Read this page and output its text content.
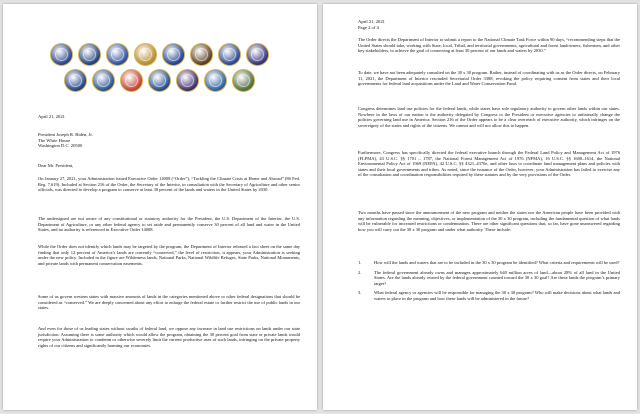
April 21, 2021

President Joseph R. Biden, Jr.
The White House
Washington D.C. 20500

Dear Mr. President,

On January 27, 2021, your Administration issued Executive Order 14008 (“Order”), “Tackling the Climate Crisis at Home and Abroad” (86 Fed. Reg. 7,619). Included at Section 216 of the Order, the Secretary of the Interior, in consultation with the Secretary of Agriculture and other senior officials, was directed to develop a program to conserve at least 30 percent of the lands and waters in the United States by 2030.

The undersigned are not aware of any constitutional or statutory authority for the President, the U.S. Department of the Interior, the U.S. Department of Agriculture, or any other federal agency to set aside and permanently conserve 30 percent of all land and water in the United States, and no authority is referenced in Executive Order 14008.

While the Order does not identify which lands may be targeted by the program, the Department of Interior released a fact sheet on the same day finding that only 12 percent of America’s lands are currently “conserved,” the level of restriction, it appears, your Administration is seeking under the new policy. Included in the figure are Wilderness lands, National Parks, National Wildlife Refuges, State Parks, National Monuments, and private lands with permanent conservation easements.

Some of us govern western states with massive amounts of lands in the categories mentioned above or other federal designations that should be considered as “conserved.” We are deeply concerned about any effort to enlarge the federal estate or further restrict the use of public lands in our states.

And even for those of us leading states without swaths of federal land, we oppose any increase in land use restrictions on lands under our state jurisdiction. Assuming there is some authority which would allow the program, obtaining the 30 percent goal from state or private lands would require your Administration to condemn or otherwise severely limit the current productive uses of such lands, infringing on the private property rights of our citizens and significantly harming our economies.

April 21, 2021
Page 2 of 4

The Order directs the Department of Interior to submit a report to the National Climate Task Force within 90 days, “recommending steps that the United States should take, working with State, local, Tribal, and territorial governments, agricultural and forest landowners, fishermen, and other key stakeholders, to achieve the goal of conserving at least 30 percent of our lands and waters by 2030.”

To date, we have not been adequately consulted on the 30 x 30 program. Rather, instead of coordinating with us as the Order directs, on February 11, 2021, the Department of Interior rescinded Secretarial Order 3388, revoking the policy requiring consent from states and their local governments for federal land acquisitions under the Land and Water Conservation Fund.

Congress determines land use policies for the federal lands, while states have sole regulatory authority to govern other lands within our states. Nowhere in the laws of our nation is the authority delegated by Congress to the President or executive agencies to unilaterally change the policies governing land use in America. Section 216 of the Order appears to be a clear overreach of executive authority, which infringes on the sovereignty of the states and rights of the citizens. We cannot and will not allow this to happen.

Furthermore, Congress has specifically directed the federal executive branch through the Federal Land Policy and Management Act of 1976 (FLPMA), 43 U.S.C. §§ 1701 – 1787, the National Forest Management Act of 1976 (NFMA), 16 U.S.C. §§ 1600–1614, the National Environmental Policy Act of 1969 (NEPA), 42 U.S.C. §§ 4321–4370e, and other laws to coordinate land management plans and policies with states and their local governments and tribes. As noted, since the issuance of the Order, however, your Administration has failed to exercise any of the consultation and coordination responsibilities required by these statutes and by the very provisions of the Order.

Two months have passed since the announcement of the new program and neither the states nor the American people have been provided with any information regarding the meaning, objectives, or implementation of the 30 x 30 program, including the fundamental question of what lands will be vulnerable for increased restrictions or condemnation. There are other significant questions that, so far, have gone unanswered regarding how you will carry out the 30 x 30 program and under what authority. These include:

1.	How will the lands and waters that are to be included in the 30 x 30 program be identified? What criteria and requirements will be used?
2.	The federal government already owns and manages approximately 640 million acres of land—about 28% of all land in the United States. Are the lands already owned by the federal government counted toward the 30 x 30 goal? Are these lands the program’s primary target?
3.	What federal agency or agencies will be responsible for managing the 30 x 30 program? Who will make decisions about what lands and waters to place in the program and how these lands will be administered in the future?
